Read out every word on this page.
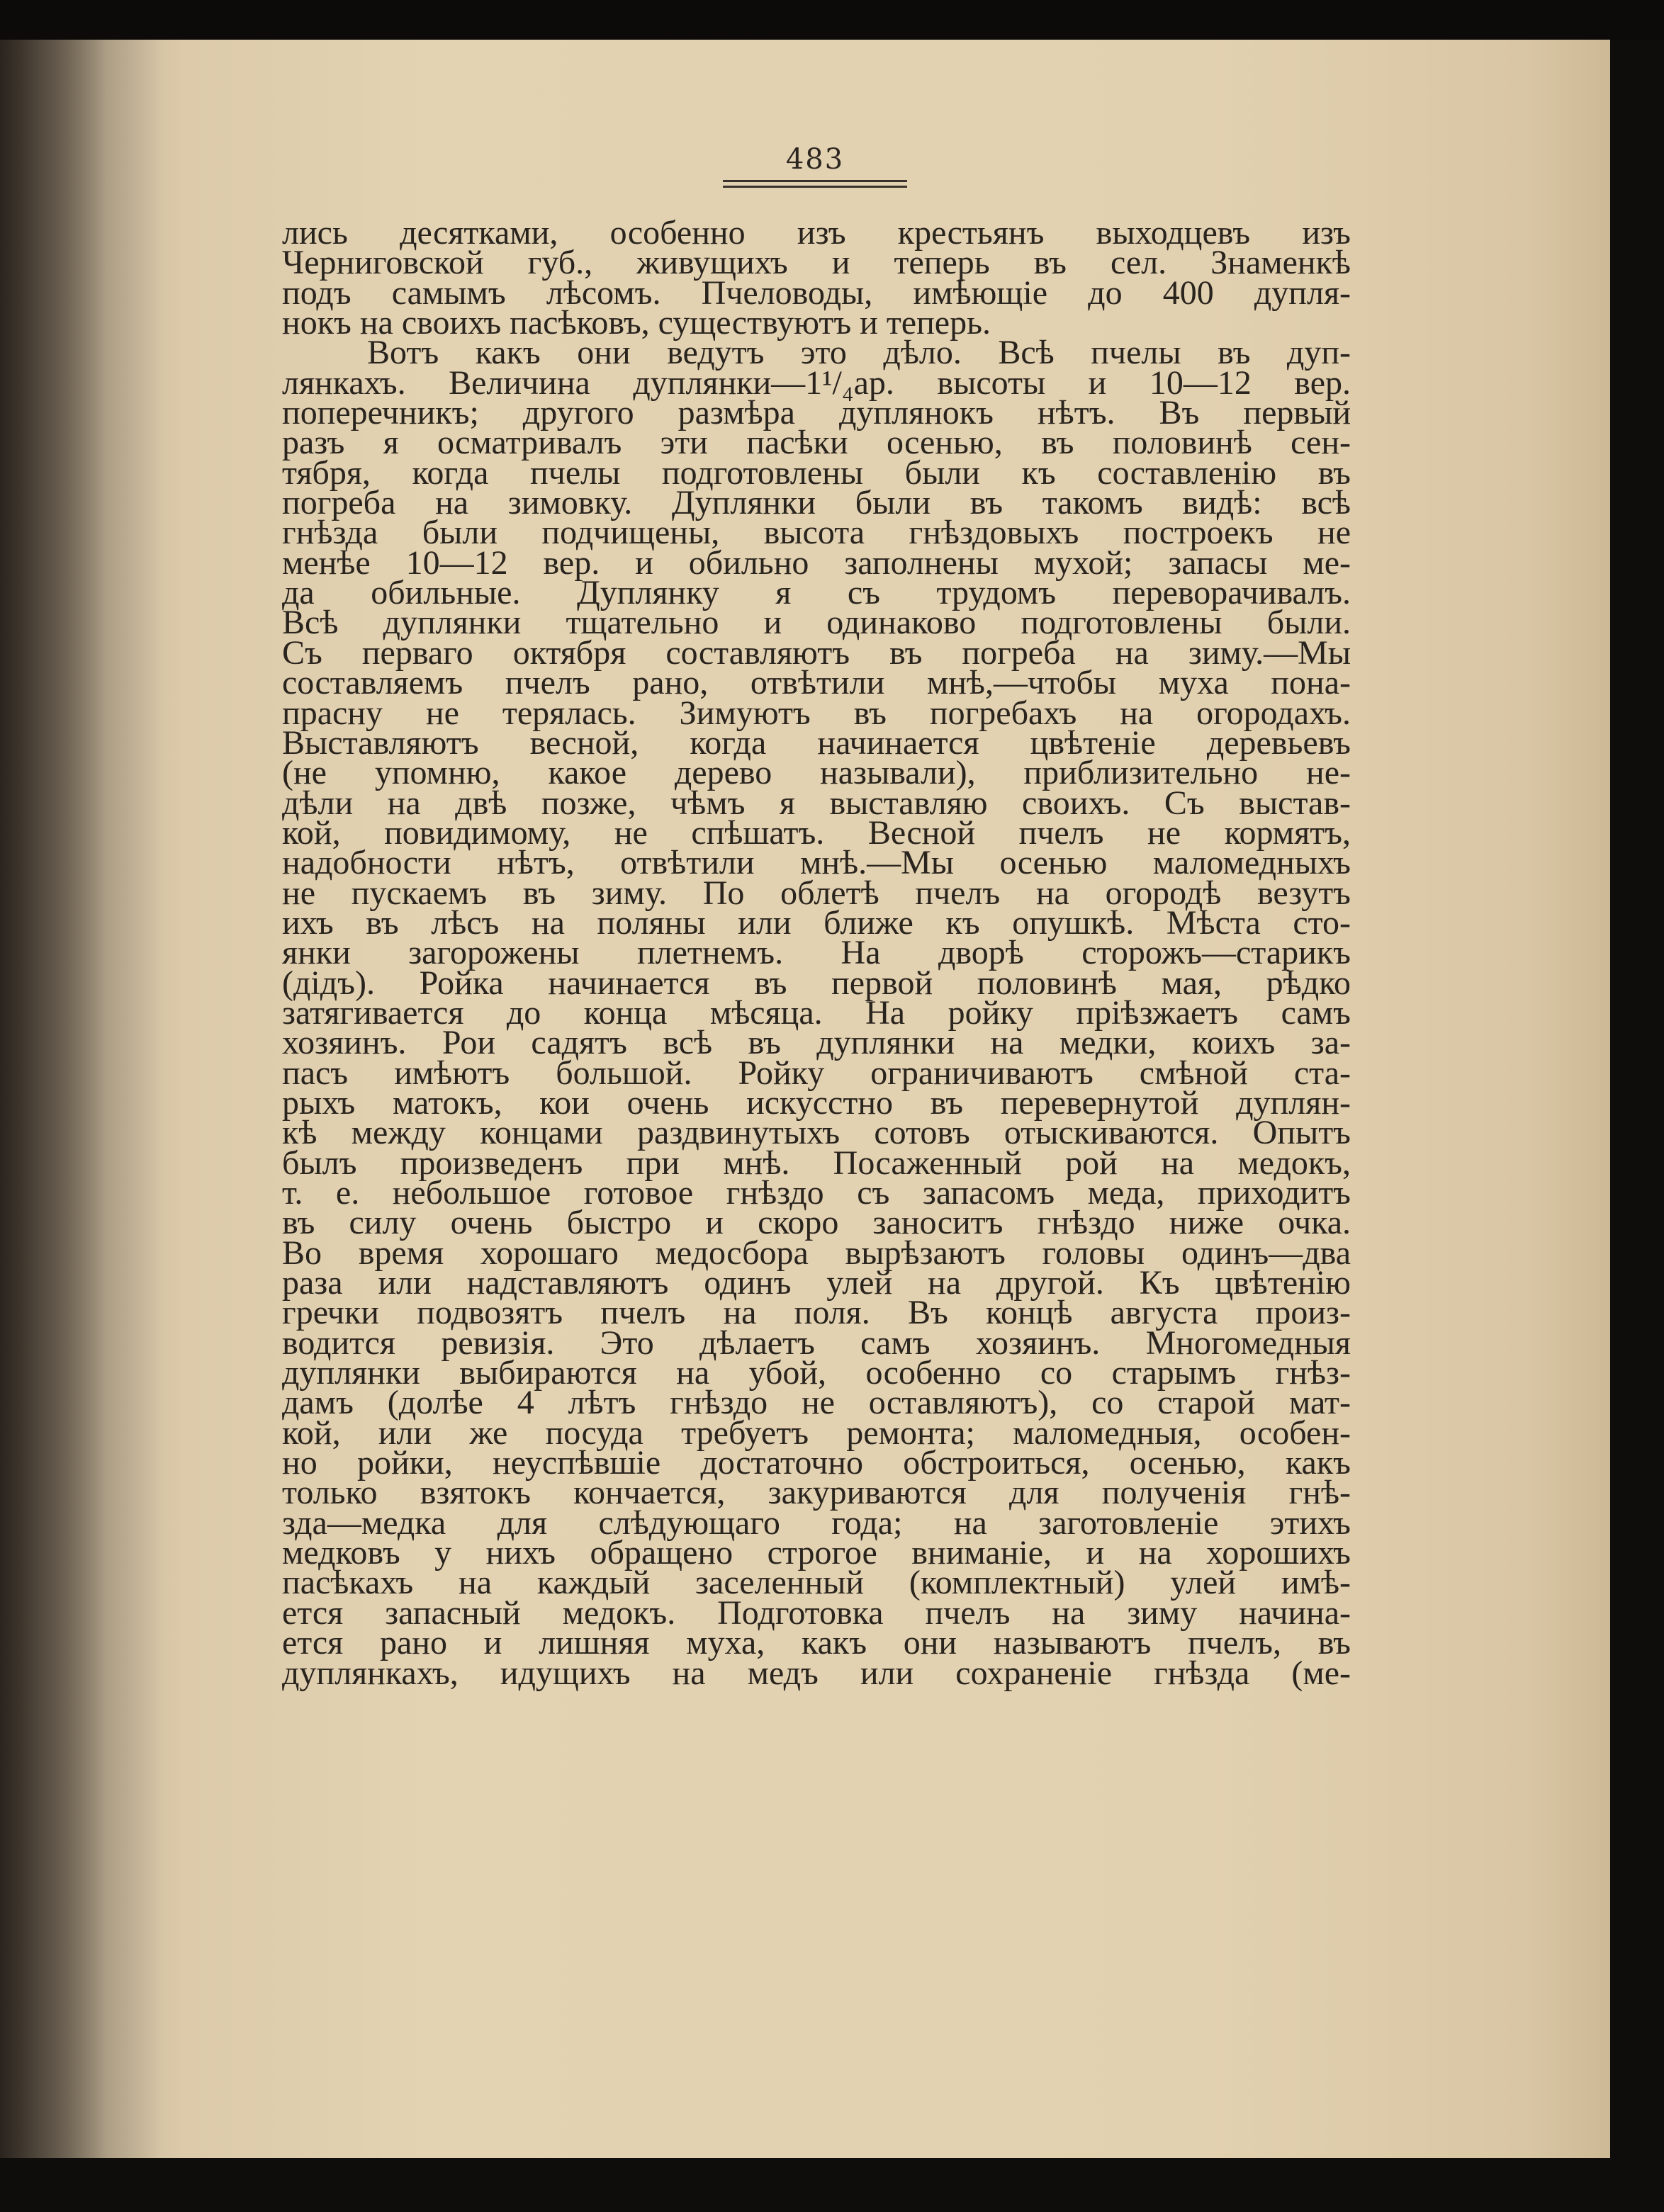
483
лись десятками, особенно изъ крестьянъ выходцевъ изъ
Черниговской губ., живущихъ и теперь въ сел. Знаменкѣ
подъ самымъ лѣсомъ. Пчеловоды, имѣющіе до 400 дупля-
нокъ на своихъ пасѣковъ, существуютъ и теперь.
Вотъ какъ они ведутъ это дѣло. Всѣ пчелы въ дуп-
лянкахъ. Величина дуплянки—1¹/₄ар. высоты и 10—12 вер.
поперечникъ; другого размѣра дуплянокъ нѣтъ. Въ первый
разъ я осматривалъ эти пасѣки осенью, въ половинѣ сен-
тября, когда пчелы подготовлены были къ составленію въ
погреба на зимовку. Дуплянки были въ такомъ видѣ: всѣ
гнѣзда были подчищены, высота гнѣздовыхъ построекъ не
менѣе 10—12 вер. и обильно заполнены мухой; запасы ме-
да обильные. Дуплянку я съ трудомъ переворачивалъ.
Всѣ дуплянки тщательно и одинаково подготовлены были.
Съ перваго октября составляютъ въ погреба на зиму.—Мы
составляемъ пчелъ рано, отвѣтили мнѣ,—чтобы муха пона-
прасну не терялась. Зимуютъ въ погребахъ на огородахъ.
Выставляютъ весной, когда начинается цвѣтеніе деревьевъ
(не упомню, какое дерево называли), приблизительно не-
дѣли на двѣ позже, чѣмъ я выставляю своихъ. Съ выстав-
кой, повидимому, не спѣшатъ. Весной пчелъ не кормятъ,
надобности нѣтъ, отвѣтили мнѣ.—Мы осенью маломедныхъ
не пускаемъ въ зиму. По облетѣ пчелъ на огородѣ везутъ
ихъ въ лѣсъ на поляны или ближе къ опушкѣ. Мѣста сто-
янки загорожены плетнемъ. На дворѣ сторожъ—старикъ
(дідъ). Ройка начинается въ первой половинѣ мая, рѣдко
затягивается до конца мѣсяца. На ройку пріѣзжаетъ самъ
хозяинъ. Рои садятъ всѣ въ дуплянки на медки, коихъ за-
пасъ имѣютъ большой. Ройку ограничиваютъ смѣной ста-
рыхъ матокъ, кои очень искусстно въ перевернутой дуплян-
кѣ между концами раздвинутыхъ сотовъ отыскиваются. Опытъ
былъ произведенъ при мнѣ. Посаженный рой на медокъ,
т. е. небольшое готовое гнѣздо съ запасомъ меда, приходитъ
въ силу очень быстро и скоро заноситъ гнѣздо ниже очка.
Во время хорошаго медосбора вырѣзаютъ головы одинъ—два
раза или надставляютъ одинъ улей на другой. Къ цвѣтенію
гречки подвозятъ пчелъ на поля. Въ концѣ августа произ-
водится ревизія. Это дѣлаетъ самъ хозяинъ. Многомедныя
дуплянки выбираются на убой, особенно со старымъ гнѣз-
дамъ (долѣе 4 лѣтъ гнѣздо не оставляютъ), со старой мат-
кой, или же посуда требуетъ ремонта; маломедныя, особен-
но ройки, неуспѣвшіе достаточно обстроиться, осенью, какъ
только взятокъ кончается, закуриваются для полученія гнѣ-
зда—медка для слѣдующаго года; на заготовленіе этихъ
медковъ у нихъ обращено строгое вниманіе, и на хорошихъ
пасѣкахъ на каждый заселенный (комплектный) улей имѣ-
ется запасный медокъ. Подготовка пчелъ на зиму начина-
ется рано и лишняя муха, какъ они называютъ пчелъ, въ
дуплянкахъ, идущихъ на медъ или сохраненіе гнѣзда (ме-
